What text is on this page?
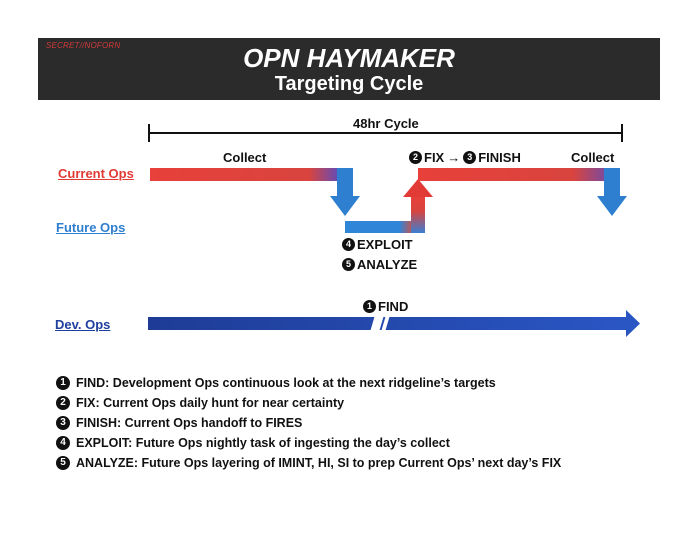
SECRET//NOFORN	OPN HAYMAKER
Targeting Cycle
48hr Cycle
Current Ops
Future Ops
Dev. Ops
Collect	Collect
2 FIX → 3 FINISH
4 EXPLOIT
5 ANALYZE
1 FIND
1 FIND: Development Ops continuous look at the next ridgeline’s targets
2 FIX: Current Ops daily hunt for near certainty
3 FINISH: Current Ops handoff to FIRES
4 EXPLOIT: Future Ops nightly task of ingesting the day’s collect
5 ANALYZE: Future Ops layering of IMINT, HI, SI to prep Current Ops’ next day’s FIX
